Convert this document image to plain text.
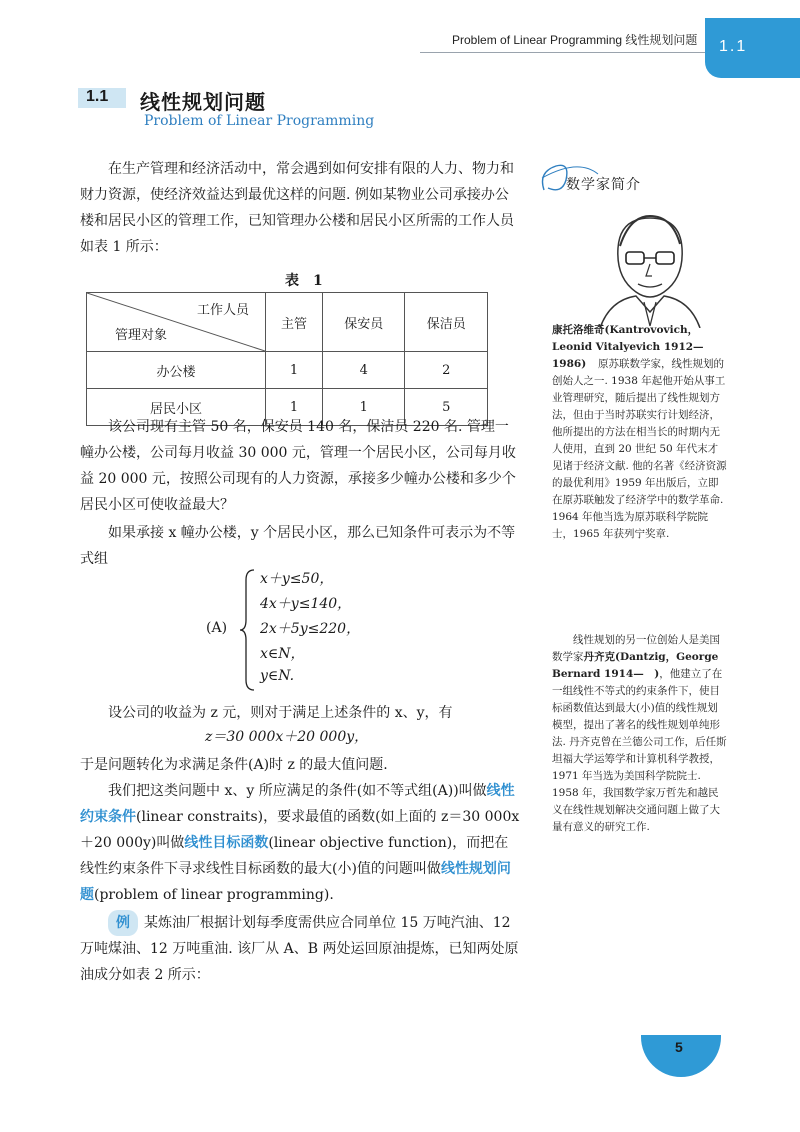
Problem of Linear Programming 线性规划问题 1.1
1.1 线性规划问题
Problem of Linear Programming

在生产管理和经济活动中，常会遇到如何安排有限的人力、物力和财力资源，使经济效益达到最优这样的问题. 例如某物业公司承接办公楼和居民小区的管理工作，已知管理办公楼和居民小区所需的工作人员如表 1 所示：

表　1
工作人员
管理对象	主管	保安员	保洁员
办公楼	1	4	2
居民小区	1	1	5

该公司现有主管 50 名，保安员 140 名，保洁员 220 名. 管理一幢办公楼，公司每月收益 30 000 元，管理一个居民小区，公司每月收益 20 000 元，按照公司现有的人力资源，承接多少幢办公楼和多少个居民小区可使收益最大？

如果承接 x 幢办公楼，y 个居民小区，那么已知条件可表示为不等式组

(A)
x＋y≤50，
4x＋y≤140，
2x＋5y≤220，
x∈N，
y∈N.

设公司的收益为 z 元，则对于满足上述条件的 x、y，有

z＝30 000x＋20 000y，

于是问题转化为求满足条件(A)时 z 的最大值问题.

我们把这类问题中 x、y 所应满足的条件(如不等式组(A))叫做线性约束条件(linear constraits)，要求最值的函数(如上面的 z＝30 000x＋20 000y)叫做线性目标函数(linear objective function)，而把在线性约束条件下寻求线性目标函数的最大(小)值的问题叫做线性规划问题(problem of linear programming).

例 某炼油厂根据计划每季度需供应合同单位 15 万吨汽油、12 万吨煤油、12 万吨重油. 该厂从 A、B 两处运回原油提炼，已知两处原油成分如表 2 所示：

数学家简介

康托洛维奇(Kantrovovich，Leonid Vitalyevich 1912—1986)	原苏联数学家，线性规划的创始人之一. 1938 年起他开始从事工业管理研究，随后提出了线性规划方法，但由于当时苏联实行计划经济，他所提出的方法在相当长的时期内无人使用，直到 20 世纪 50 年代末才见诸于经济文献. 他的名著《经济资源的最优利用》1959 年出版后，立即在原苏联触发了经济学中的数学革命. 1964 年他当选为原苏联科学院院士，1965 年获列宁奖章.

线性规划的另一位创始人是美国数学家丹齐克(Dantzig，George Bernard 1914—　)，他建立了在一组线性不等式的约束条件下，使目标函数值达到最大(小)值的线性规划模型，提出了著名的线性规划单纯形法. 丹齐克曾在兰德公司工作，后任斯坦福大学运筹学和计算机科学教授，1971 年当选为美国科学院院士. 1958 年，我国数学家万哲先和越民义在线性规划解决交通问题上做了大量有意义的研究工作.

5
